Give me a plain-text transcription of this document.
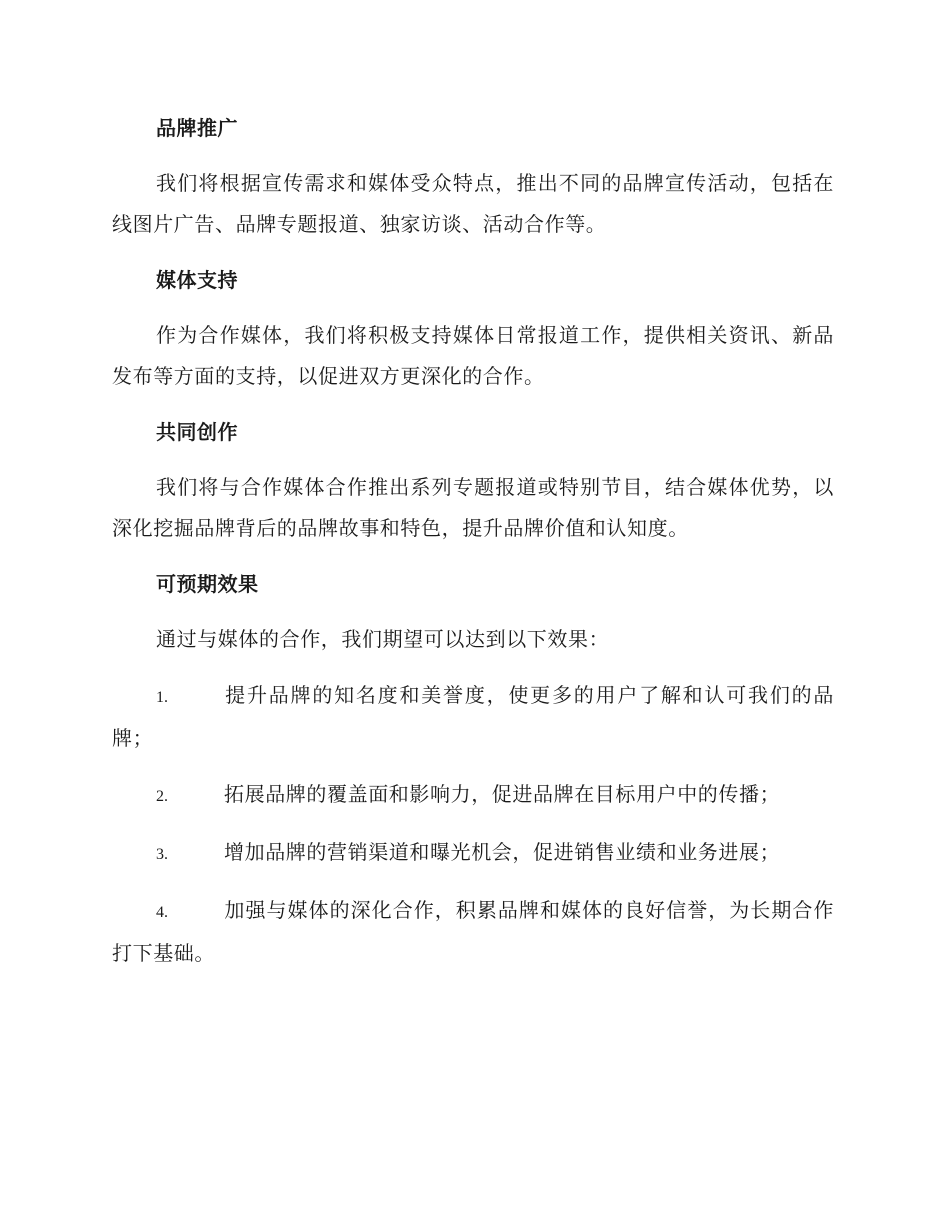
品牌推广

我们将根据宣传需求和媒体受众特点，推出不同的品牌宣传活动，包括在线图片广告、品牌专题报道、独家访谈、活动合作等。

媒体支持

作为合作媒体，我们将积极支持媒体日常报道工作，提供相关资讯、新品发布等方面的支持，以促进双方更深化的合作。

共同创作

我们将与合作媒体合作推出系列专题报道或特别节目，结合媒体优势，以深化挖掘品牌背后的品牌故事和特色，提升品牌价值和认知度。

可预期效果

通过与媒体的合作，我们期望可以达到以下效果：

1.	提升品牌的知名度和美誉度，使更多的用户了解和认可我们的品牌；

2.	拓展品牌的覆盖面和影响力，促进品牌在目标用户中的传播；

3.	增加品牌的营销渠道和曝光机会，促进销售业绩和业务进展；

4.	加强与媒体的深化合作，积累品牌和媒体的良好信誉，为长期合作打下基础。
